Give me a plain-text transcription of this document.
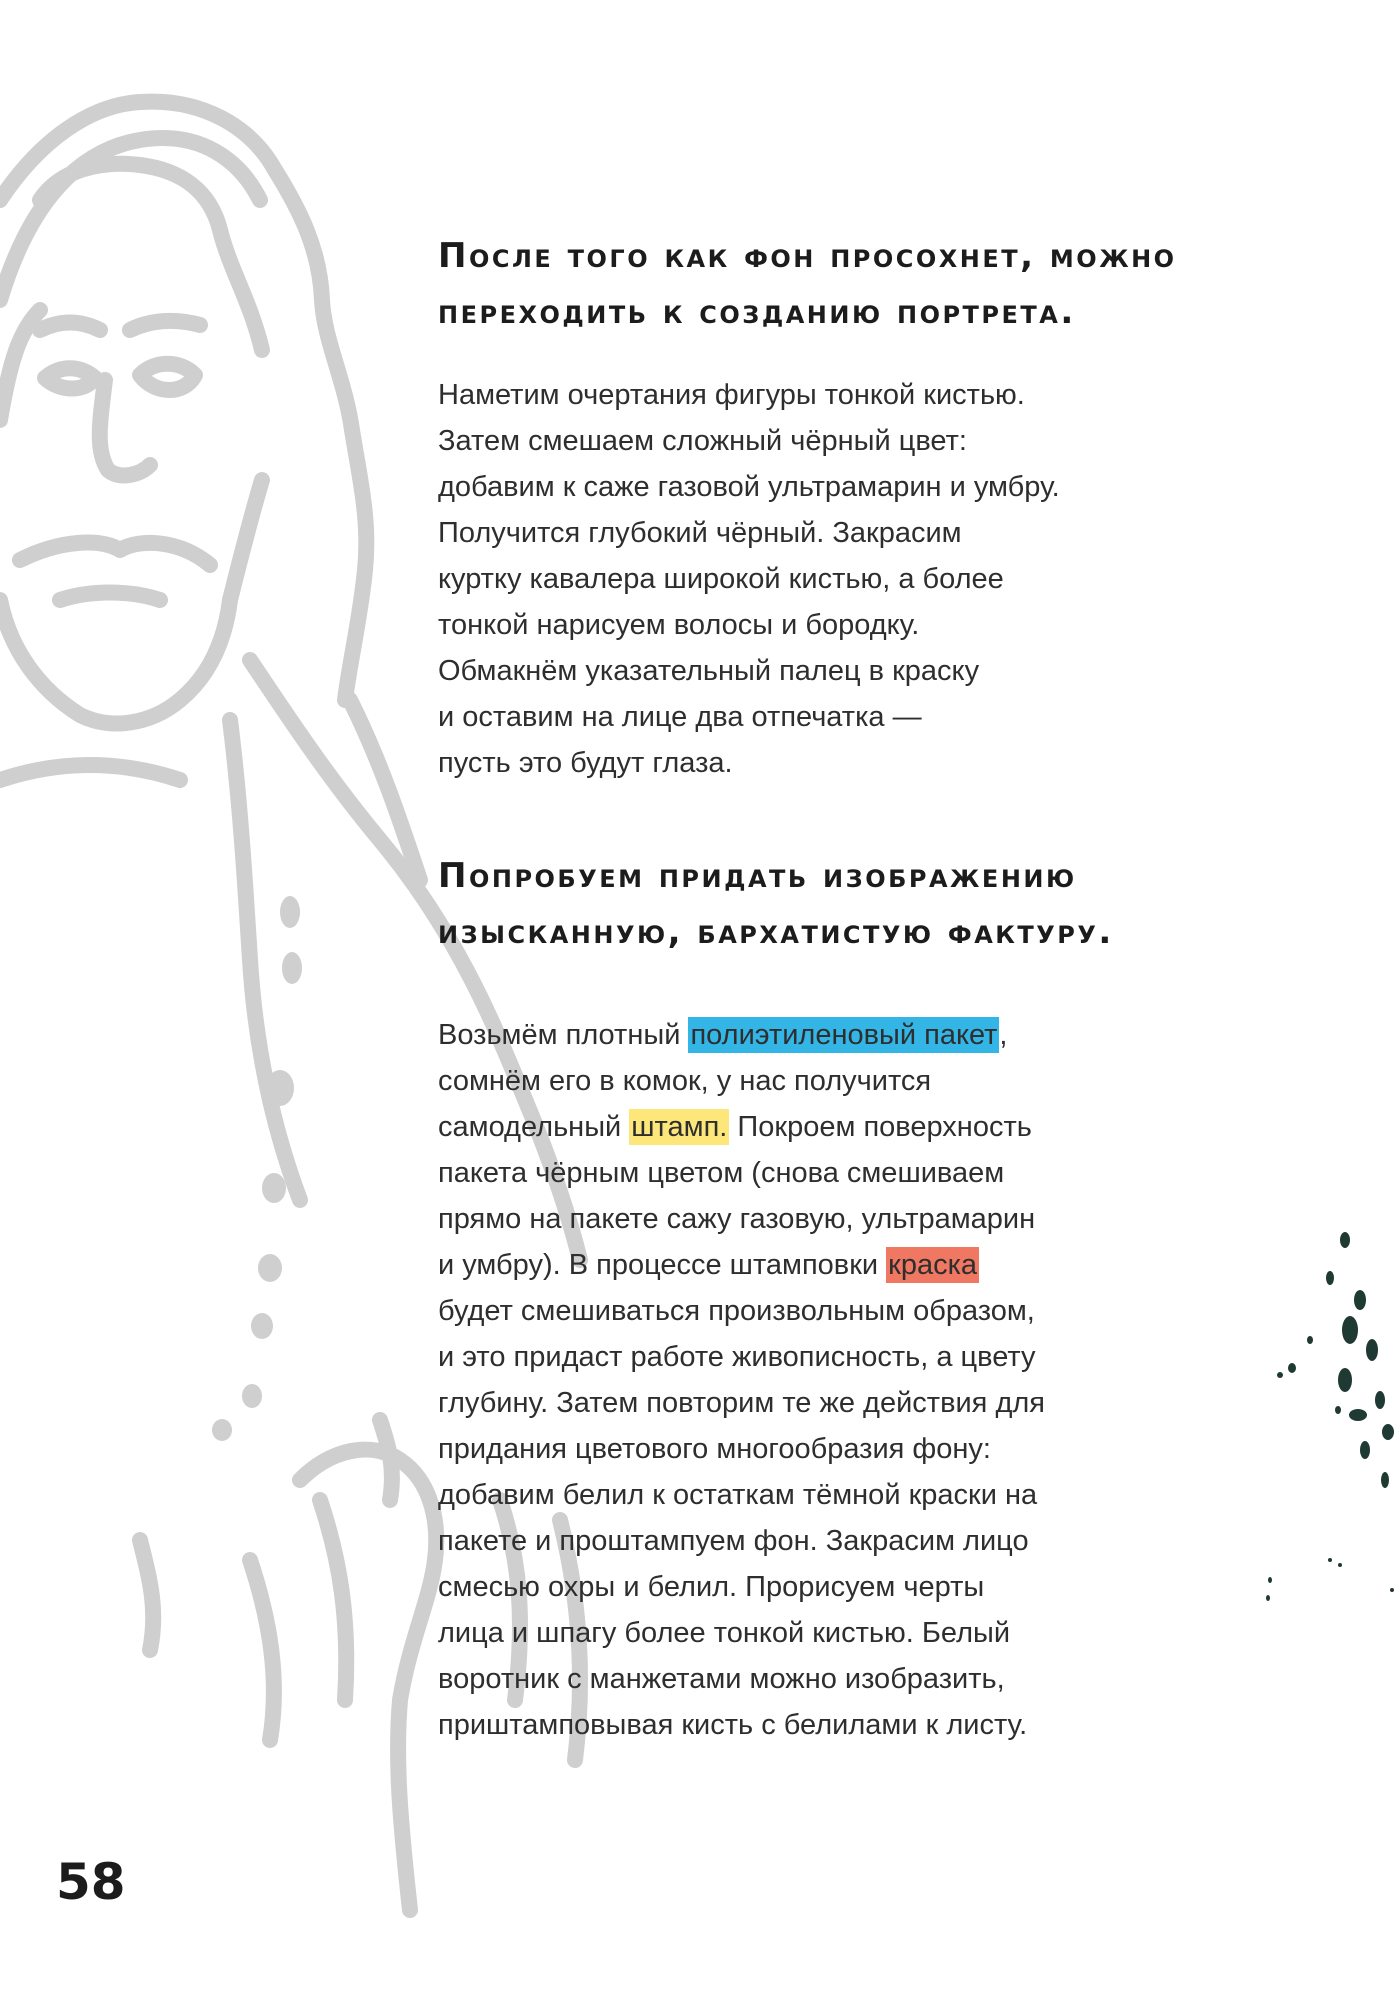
После того как фон просохнет, можно
переходить к созданию портрета.

Наметим очертания фигуры тонкой кистью.
Затем смешаем сложный чёрный цвет:
добавим к саже газовой ультрамарин и умбру.
Получится глубокий чёрный. Закрасим
куртку кавалера широкой кистью, а более
тонкой нарисуем волосы и бородку.
Обмакнём указательный палец в краску
и оставим на лице два отпечатка —
пусть это будут глаза.

Попробуем придать изображению
изысканную, бархатистую фактуру.

Возьмём плотный полиэтиленовый пакет,
сомнём его в комок, у нас получится
самодельный штамп. Покроем поверхность
пакета чёрным цветом (снова смешиваем
прямо на пакете сажу газовую, ультрамарин
и умбру). В процессе штамповки краска
будет смешиваться произвольным образом,
и это придаст работе живописность, а цвету
глубину. Затем повторим те же действия для
придания цветового многообразия фону:
добавим белил к остаткам тёмной краски на
пакете и проштампуем фон. Закрасим лицо
смесью охры и белил. Прорисуем черты
лица и шпагу более тонкой кистью. Белый
воротник с манжетами можно изобразить,
приштамповывая кисть с белилами к листу.

58
